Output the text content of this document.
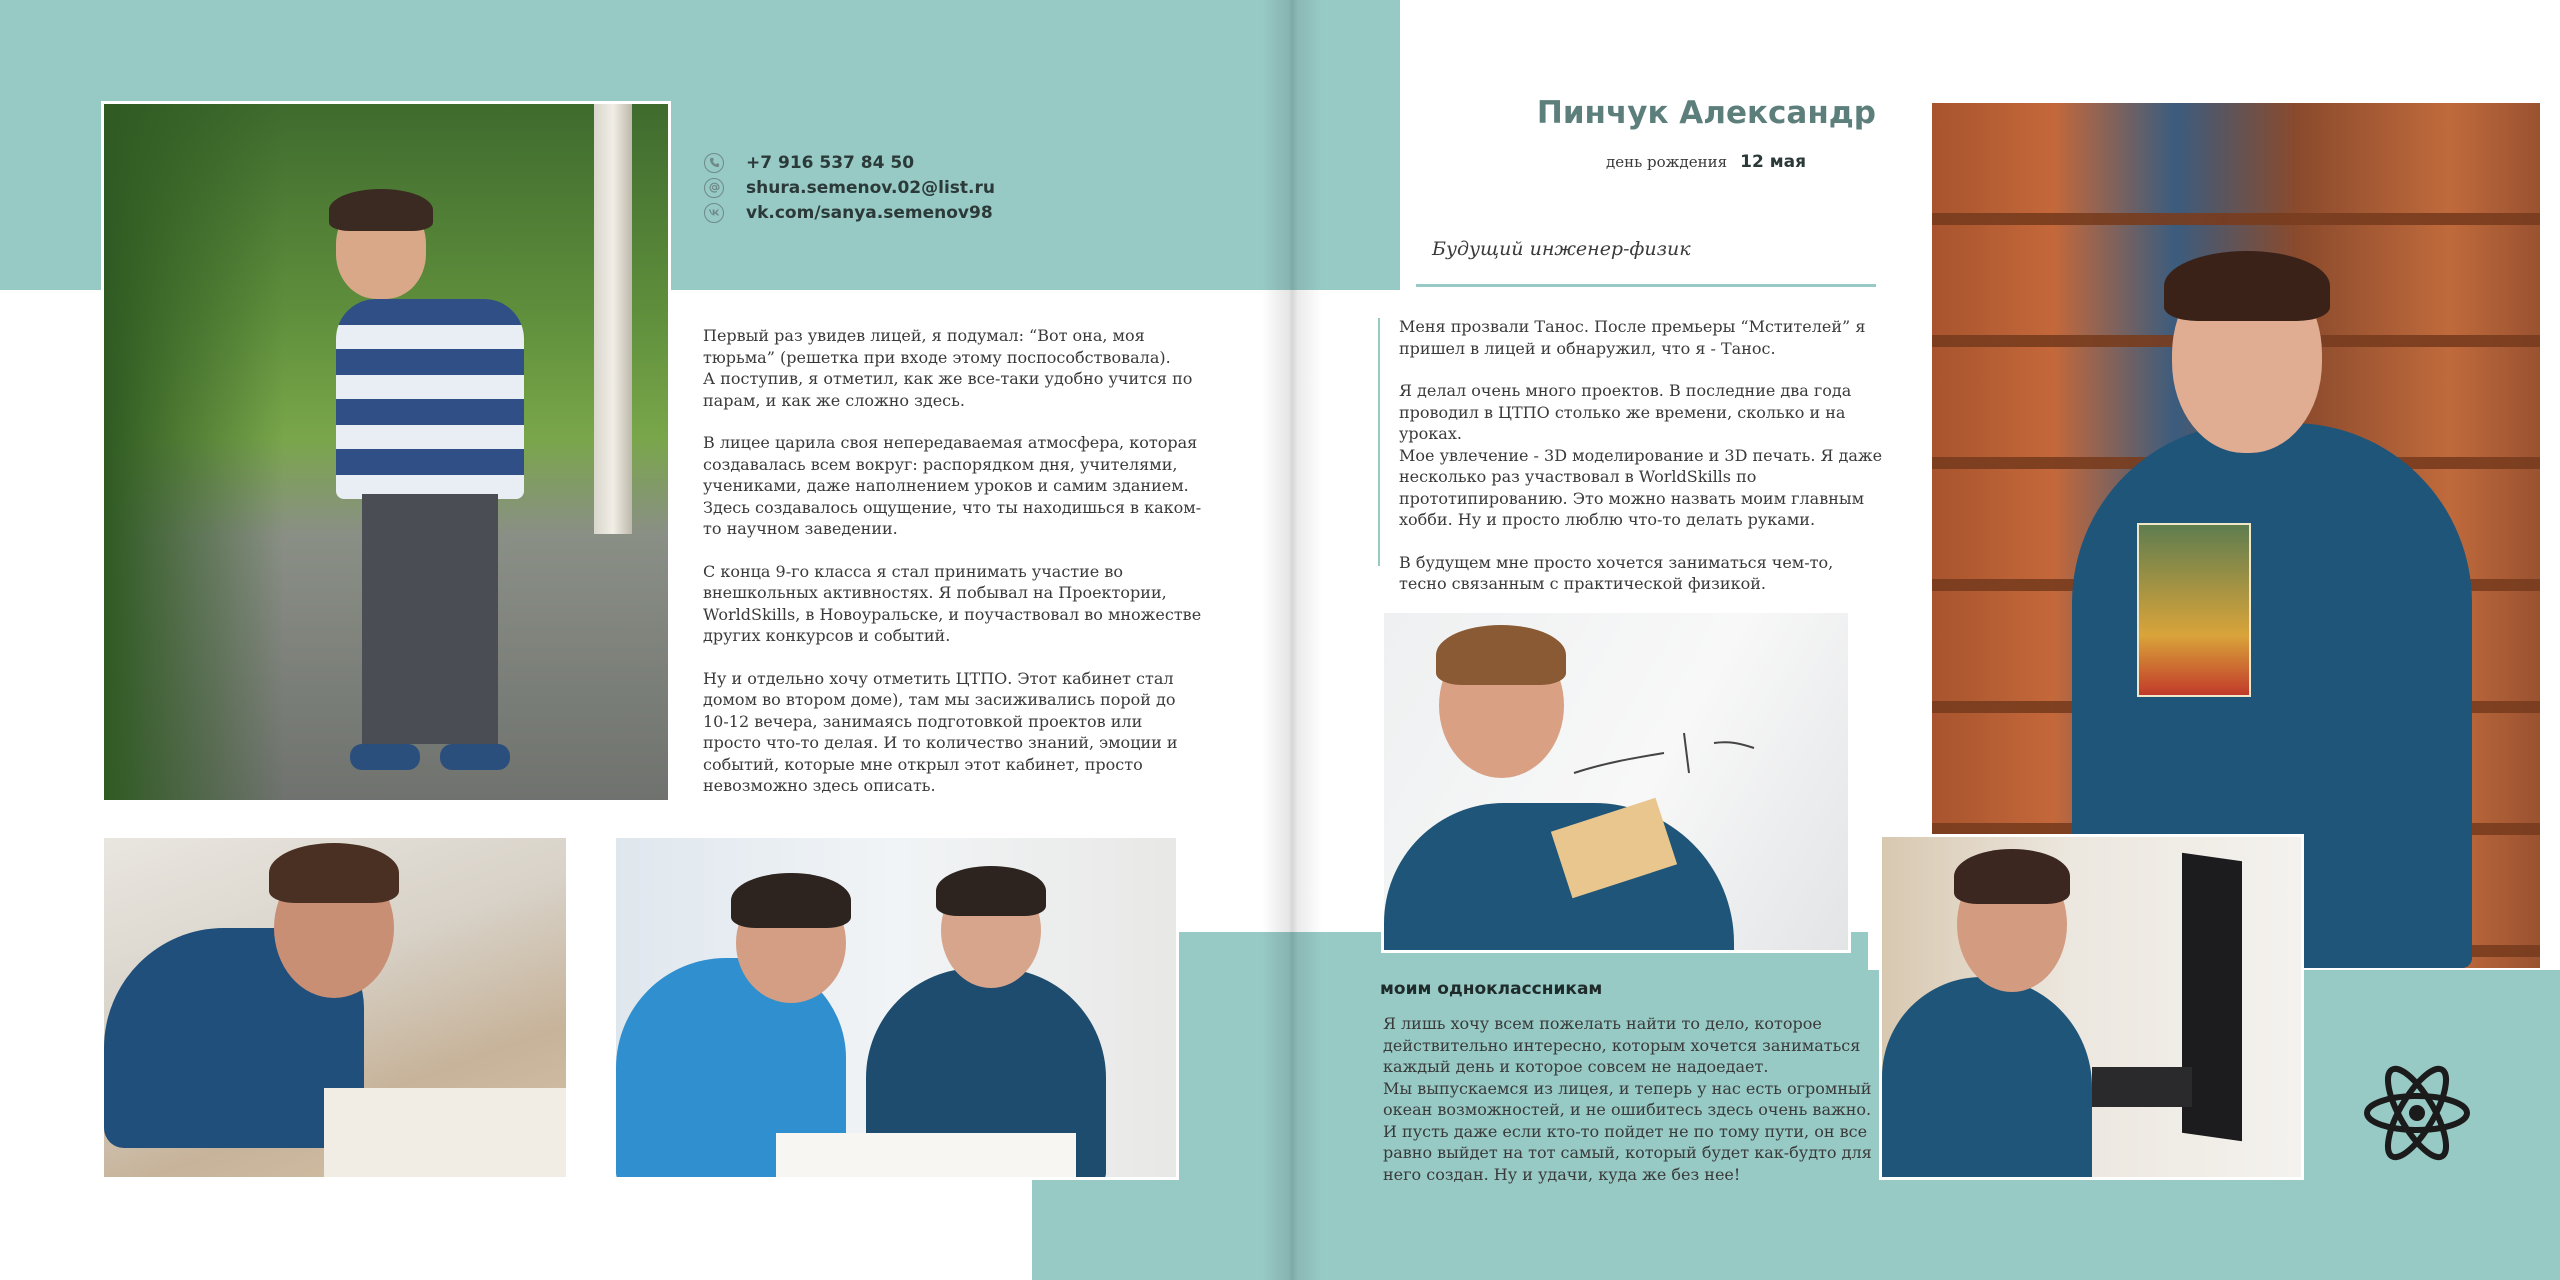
+7 916 537 84 50
shura.semenov.02@list.ru
vk.com/sanya.semenov98

Первый раз увидев лицей, я подумал: “Вот она, моя тюрьма” (решетка при входе этому поспособствовала).
А поступив, я отметил, как же все-таки удобно учится по парам, и как же сложно здесь.

В лицее царила своя непередаваемая атмосфера, которая создавалась всем вокруг: распорядком дня, учителями, учениками, даже наполнением уроков и самим зданием.
Здесь создавалось ощущение, что ты находишься в каком-то научном заведении.

С конца 9-го класса я стал принимать участие во внешкольных активностях. Я побывал на Проектории, WorldSkills, в Новоуральске, и поучаствовал во множестве других конкурсов и событий.

Ну и отдельно хочу отметить ЦТПО. Этот кабинет стал домом во втором доме), там мы засиживались порой до 10-12 вечера, занимаясь подготовкой проектов или просто что-то делая. И то количество знаний, эмоции и событий, которые мне открыл этот кабинет, просто невозможно здесь описать.

Пинчук Александр
день рождения 12 мая
Будущий инженер-физик

Меня прозвали Танос. После премьеры “Мстителей” я пришел в лицей и обнаружил, что я - Танос.

Я делал очень много проектов. В последние два года проводил в ЦТПО столько же времени, сколько и на уроках.
Мое увлечение - 3D моделирование и 3D печать. Я даже несколько раз участвовал в WorldSkills по прототипированию. Это можно назвать моим главным хобби. Ну и просто люблю что-то делать руками.

В будущем мне просто хочется заниматься чем-то, тесно связанным с практической физикой.

моим одноклассникам
Я лишь хочу всем пожелать найти то дело, которое действительно интересно, которым хочется заниматься каждый день и которое совсем не надоедает.
Мы выпускаемся из лицея, и теперь у нас есть огромный океан возможностей, и не ошибитесь здесь очень важно.
И пусть даже если кто-то пойдет не по тому пути, он все равно выйдет на тот самый, который будет как-будто для него создан. Ну и удачи, куда же без нее!
